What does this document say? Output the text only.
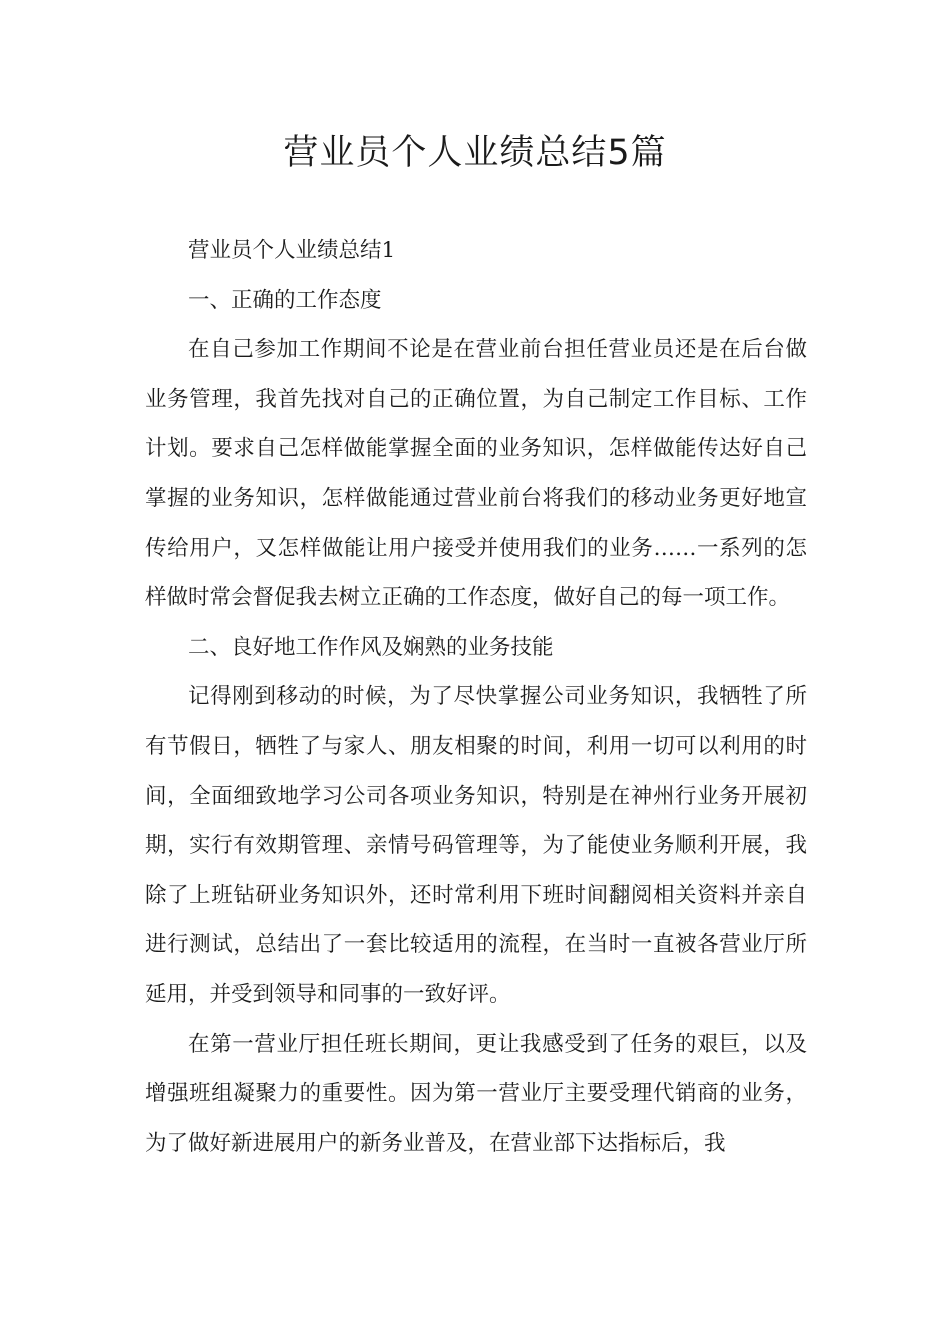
营业员个人业绩总结5篇

营业员个人业绩总结1

一、正确的工作态度

在自己参加工作期间不论是在营业前台担任营业员还是在后台做业务管理，我首先找对自己的正确位置，为自己制定工作目标、工作计划。要求自己怎样做能掌握全面的业务知识，怎样做能传达好自己掌握的业务知识，怎样做能通过营业前台将我们的移动业务更好地宣传给用户，又怎样做能让用户接受并使用我们的业务……一系列的怎样做时常会督促我去树立正确的工作态度，做好自己的每一项工作。

二、良好地工作作风及娴熟的业务技能

记得刚到移动的时候，为了尽快掌握公司业务知识，我牺牲了所有节假日，牺牲了与家人、朋友相聚的时间，利用一切可以利用的时间，全面细致地学习公司各项业务知识，特别是在神州行业务开展初期，实行有效期管理、亲情号码管理等，为了能使业务顺利开展，我除了上班钻研业务知识外，还时常利用下班时间翻阅相关资料并亲自进行测试，总结出了一套比较适用的流程，在当时一直被各营业厅所延用，并受到领导和同事的一致好评。

在第一营业厅担任班长期间，更让我感受到了任务的艰巨，以及增强班组凝聚力的重要性。因为第一营业厅主要受理代销商的业务，为了做好新进展用户的新务业普及，在营业部下达指标后，我
